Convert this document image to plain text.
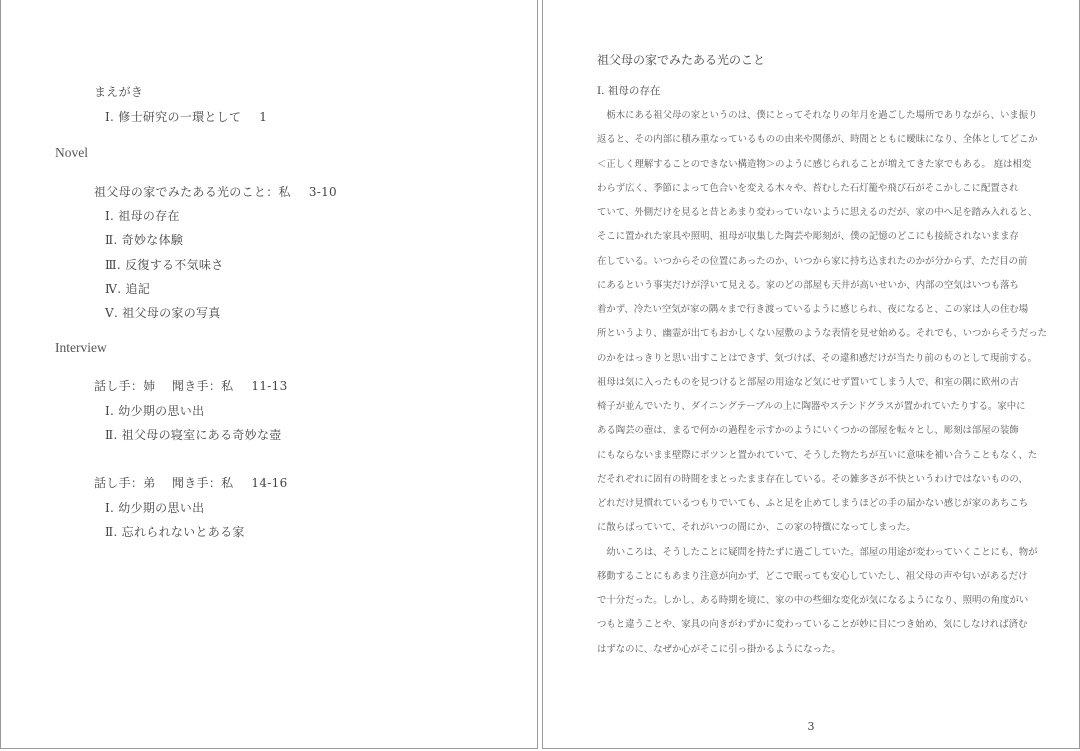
まえがき
Ⅰ. 修士研究の一環として 1
Novel
祖父母の家でみたある光のこと：私 3-10
Ⅰ. 祖母の存在
Ⅱ. 奇妙な体験
Ⅲ. 反復する不気味さ
Ⅳ. 追記
Ⅴ. 祖父母の家の写真
Interview
話し手：姉　 聞き手：私 11-13
Ⅰ. 幼少期の思い出
Ⅱ. 祖父母の寝室にある奇妙な壺
話し手：弟　 聞き手：私 14-16
Ⅰ. 幼少期の思い出
Ⅱ. 忘れられないとある家
祖父母の家でみたある光のこと
Ⅰ. 祖母の存在
　栃木にある祖父母の家というのは、僕にとってそれなりの年月を過ごした場所でありながら、いま振り
返ると、その内部に積み重なっているものの由来や関係が、時間とともに曖昧になり、全体としてどこか
＜正しく理解することのできない構造物＞のように感じられることが増えてきた家でもある。 庭は相変
わらず広く、季節によって色合いを変える木々や、苔むした石灯籠や飛び石がそこかしこに配置され
ていて、外側だけを見ると昔とあまり変わっていないように思えるのだが、家の中へ足を踏み入れると、
そこに置かれた家具や照明、祖母が収集した陶芸や彫刻が、僕の記憶のどこにも接続されないまま存
在している。いつからその位置にあったのか、いつから家に持ち込まれたのかが分からず、ただ目の前
にあるという事実だけが浮いて見える。家のどの部屋も天井が高いせいか、内部の空気はいつも落ち
着かず、冷たい空気が家の隅々まで行き渡っているように感じられ、夜になると、この家は人の住む場
所というより、幽霊が出てもおかしくない屋敷のような表情を見せ始める。それでも、いつからそうだった
のかをはっきりと思い出すことはできず、気づけば、その違和感だけが当たり前のものとして現前する。
祖母は気に入ったものを見つけると部屋の用途など気にせず置いてしまう人で、和室の隅に欧州の古
椅子が並んでいたり、ダイニングテーブルの上に陶器やステンドグラスが置かれていたりする。家中に
ある陶芸の壺は、まるで何かの過程を示すかのようにいくつかの部屋を転々とし、彫刻は部屋の装飾
にもならないまま壁際にポツンと置かれていて、そうした物たちが互いに意味を補い合うこともなく、た
だそれぞれに固有の時間をまとったまま存在している。その雑多さが不快というわけではないものの、
どれだけ見慣れているつもりでいても、ふと足を止めてしまうほどの手の届かない感じが家のあちこち
に散らばっていて、それがいつの間にか、この家の特徴になってしまった。
　幼いころは、そうしたことに疑問を持たずに過ごしていた。部屋の用途が変わっていくことにも、物が
移動することにもあまり注意が向かず、どこで眠っても安心していたし、祖父母の声や匂いがあるだけ
で十分だった。しかし、ある時期を境に、家の中の些細な変化が気になるようになり、照明の角度がい
つもと違うことや、家具の向きがわずかに変わっていることが妙に目につき始め、気にしなければ済む
はずなのに、なぜか心がそこに引っ掛かるようになった。
3
